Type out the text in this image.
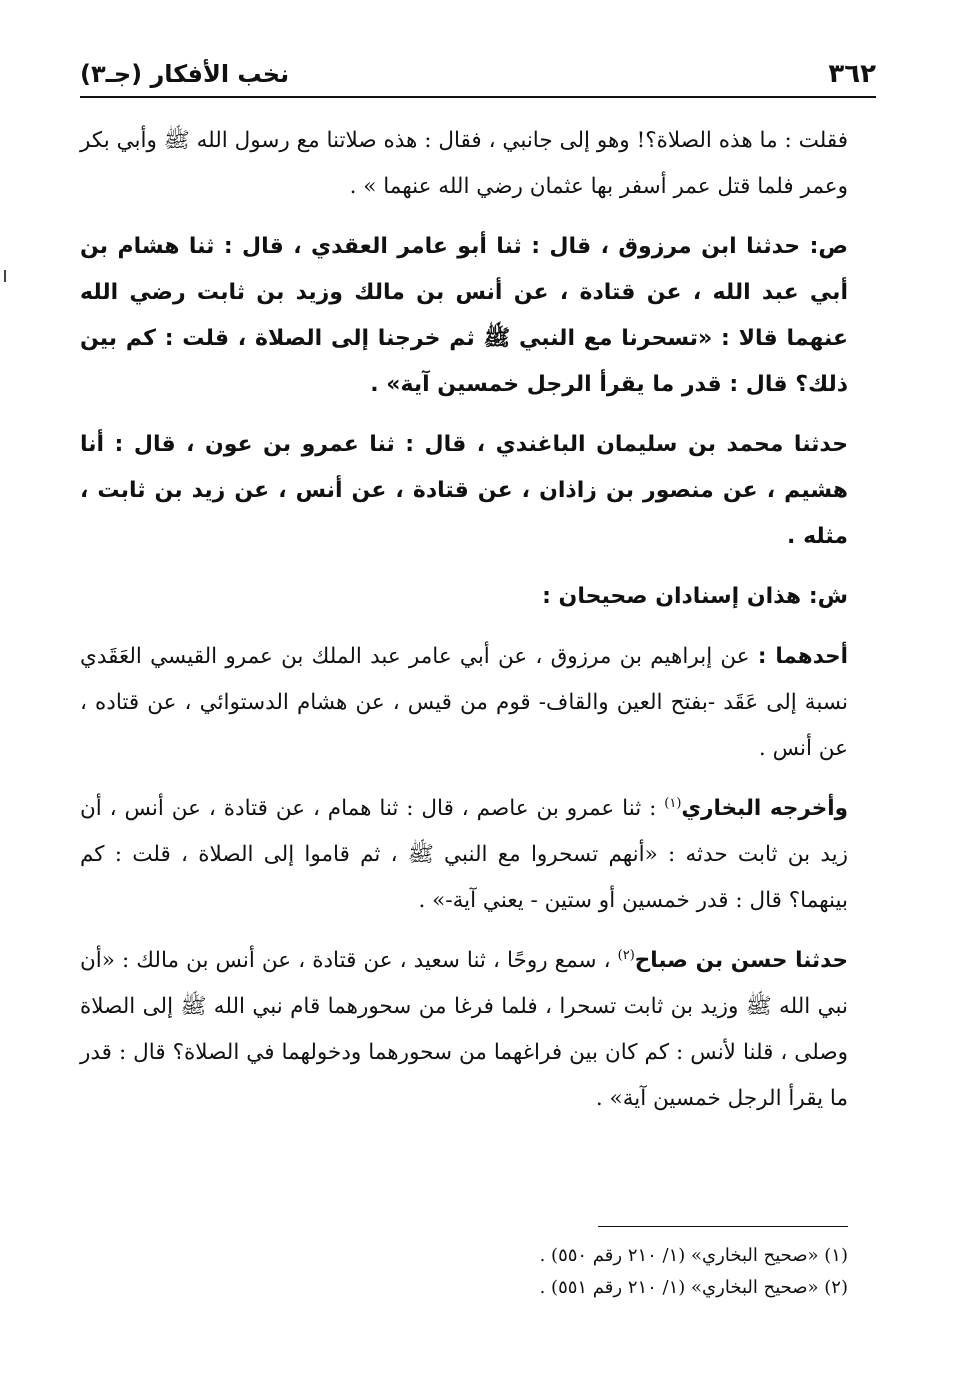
٣٦٢
نخب الأفكار (جـ٣)

فقلت : ما هذه الصلاة؟! وهو إلى جانبي ، فقال : هذه صلاتنا مع رسول الله ﷺ وأبي بكر وعمر فلما قتل عمر أسفر بها عثمان رضي الله عنهما » .

ص: حدثنا ابن مرزوق ، قال : ثنا أبو عامر العقدي ، قال : ثنا هشام بن أبي عبد الله ، عن قتادة ، عن أنس بن مالك وزيد بن ثابت رضي الله عنهما قالا : «تسحرنا مع النبي ﷺ ثم خرجنا إلى الصلاة ، قلت : كم بين ذلك؟ قال : قدر ما يقرأ الرجل خمسين آية» .

حدثنا محمد بن سليمان الباغندي ، قال : ثنا عمرو بن عون ، قال : أنا هشيم ، عن منصور بن زاذان ، عن قتادة ، عن أنس ، عن زيد بن ثابت ، مثله .

ش: هذان إسنادان صحيحان :

أحدهما : عن إبراهيم بن مرزوق ، عن أبي عامر عبد الملك بن عمرو القيسي العَقَدي نسبة إلى عَقَد -بفتح العين والقاف- قوم من قيس ، عن هشام الدستوائي ، عن قتاده ، عن أنس .

وأخرجه البخاري$^{(١)}$ : ثنا عمرو بن عاصم ، قال : ثنا همام ، عن قتادة ، عن أنس ، أن زيد بن ثابت حدثه : «أنهم تسحروا مع النبي ﷺ ، ثم قاموا إلى الصلاة ، قلت : كم بينهما؟ قال : قدر خمسين أو ستين - يعني آية-» .

حدثنا حسن بن صباح$^{(٢)}$ ، سمع روحًا ، ثنا سعيد ، عن قتادة ، عن أنس بن مالك : «أن نبي الله ﷺ وزيد بن ثابت تسحرا ، فلما فرغا من سحورهما قام نبي الله ﷺ إلى الصلاة وصلى ، قلنا لأنس : كم كان بين فراغهما من سحورهما ودخولهما في الصلاة؟ قال : قدر ما يقرأ الرجل خمسين آية» .

(١) «صحيح البخاري» (١/ ٢١٠ رقم ٥٥٠) .

(٢) «صحيح البخاري» (١/ ٢١٠ رقم ٥٥١) .
